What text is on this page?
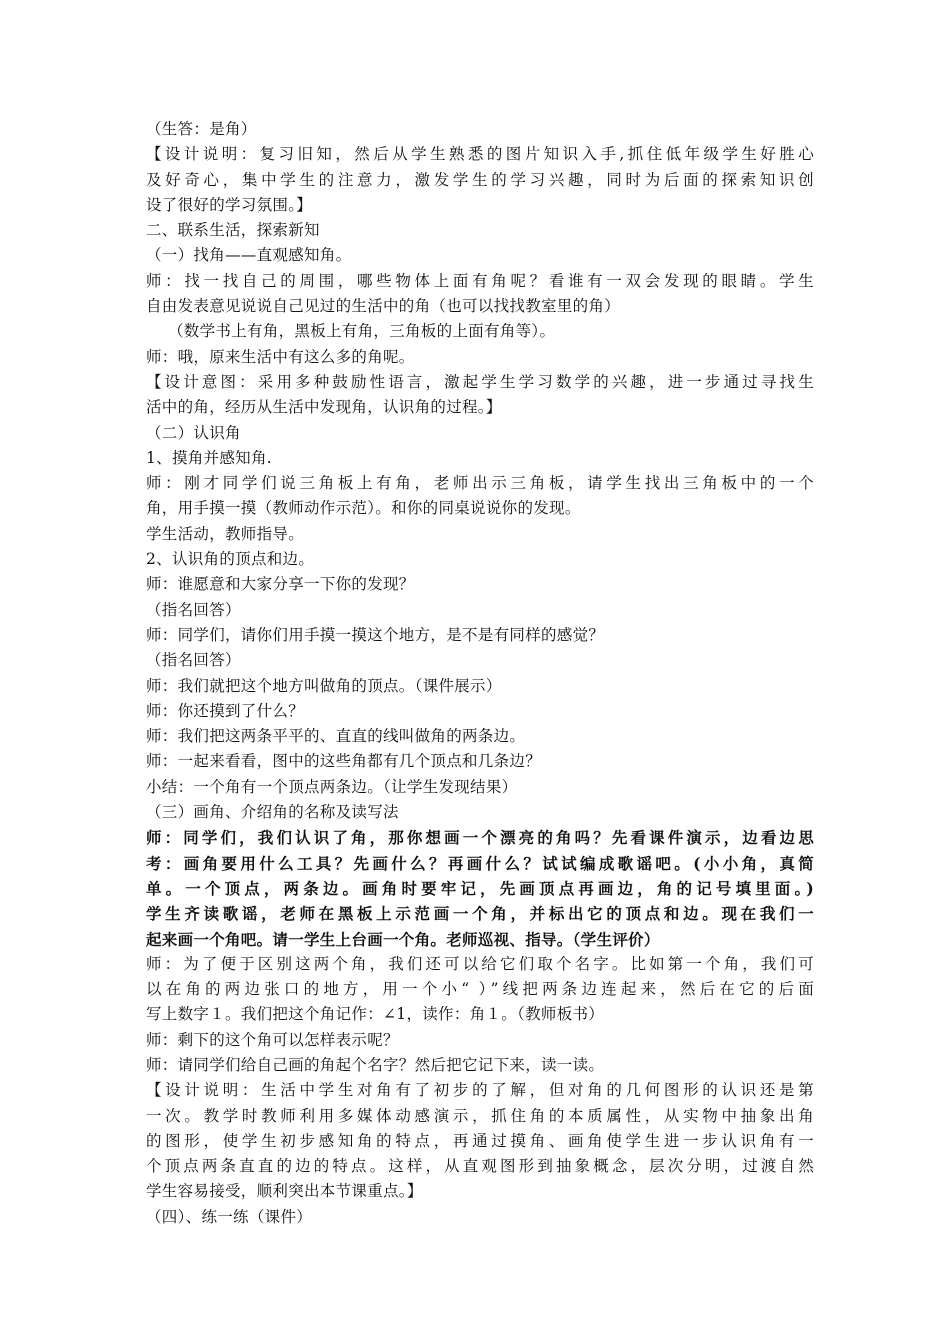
（生答：是角）
【设计说明：复习旧知，然后从学生熟悉的图片知识入手,抓住低年级学生好胜心
及好奇心，集中学生的注意力，激发学生的学习兴趣，同时为后面的探索知识创
设了很好的学习氛围。】
二、联系生活，探索新知
（一）找角——直观感知角。
师：找一找自己的周围，哪些物体上面有角呢？看谁有一双会发现的眼睛。学生
自由发表意见说说自己见过的生活中的角（也可以找找教室里的角）
（数学书上有角，黑板上有角，三角板的上面有角等）。
师：哦，原来生活中有这么多的角呢。
【设计意图：采用多种鼓励性语言，激起学生学习数学的兴趣，进一步通过寻找生
活中的角，经历从生活中发现角，认识角的过程。】
（二）认识角
1、摸角并感知角.
师：刚才同学们说三角板上有角，老师出示三角板，请学生找出三角板中的一个
角，用手摸一摸（教师动作示范）。和你的同桌说说你的发现。
学生活动，教师指导。
2、认识角的顶点和边。
师：谁愿意和大家分享一下你的发现？
（指名回答）
师：同学们，请你们用手摸一摸这个地方，是不是有同样的感觉？
（指名回答）
师：我们就把这个地方叫做角的顶点。（课件展示）
师：你还摸到了什么？
师：我们把这两条平平的、直直的线叫做角的两条边。
师：一起来看看，图中的这些角都有几个顶点和几条边？
小结：一个角有一个顶点两条边。（让学生发现结果）
（三）画角、介绍角的名称及读写法
师：同学们，我们认识了角，那你想画一个漂亮的角吗？先看课件演示，边看边思
考：画角要用什么工具？先画什么？再画什么？试试编成歌谣吧。(小小角，真简
单。一个顶点，两条边。画角时要牢记，先画顶点再画边，角的记号填里面。)
学生齐读歌谣，老师在黑板上示范画一个角，并标出它的顶点和边。现在我们一
起来画一个角吧。请一学生上台画一个角。老师巡视、指导。（学生评价）
师：为了便于区别这两个角，我们还可以给它们取个名字。比如第一个角，我们可
以在角的两边张口的地方，用一个小“ ）”线把两条边连起来，然后在它的后面
写上数字１。我们把这个角记作：∠1，读作：角１。（教师板书）
师：剩下的这个角可以怎样表示呢？
师：请同学们给自己画的角起个名字？然后把它记下来，读一读。
【设计说明：生活中学生对角有了初步的了解，但对角的几何图形的认识还是第
一次。教学时教师利用多媒体动感演示，抓住角的本质属性，从实物中抽象出角
的图形，使学生初步感知角的特点，再通过摸角、画角使学生进一步认识角有一
个顶点两条直直的边的特点。这样，从直观图形到抽象概念，层次分明，过渡自然
学生容易接受，顺利突出本节课重点。】
（四）、练一练（课件）
